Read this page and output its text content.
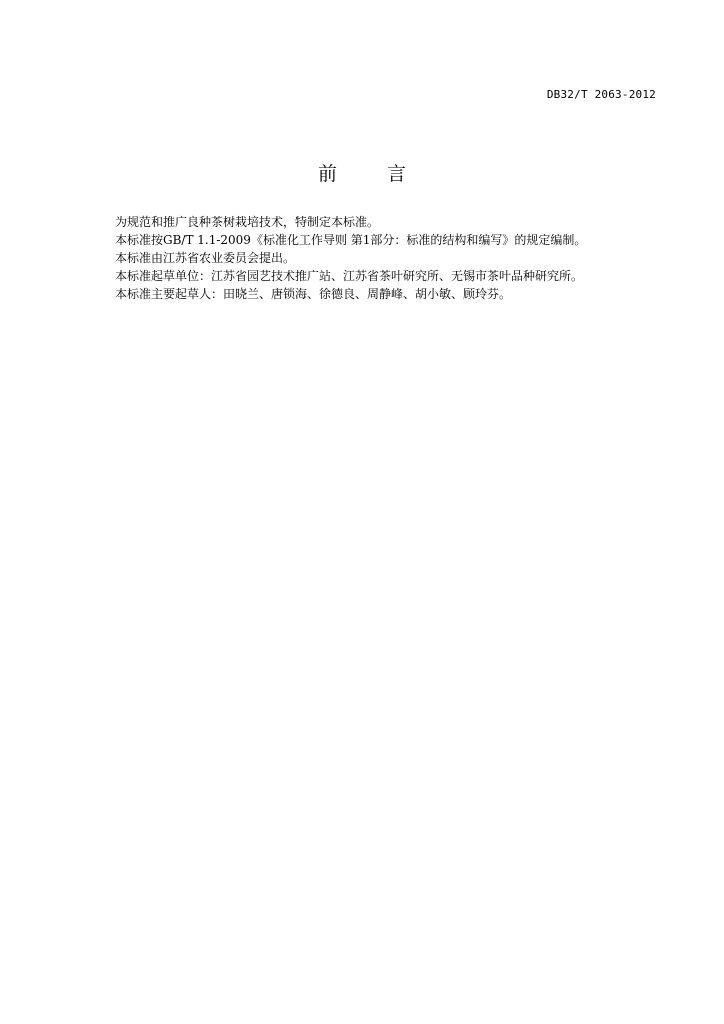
DB32/T 2063-2012
前 言

为规范和推广良种茶树栽培技术，特制定本标准。

本标准按GB/T 1.1-2009《标准化工作导则 第1部分：标准的结构和编写》的规定编制。

本标准由江苏省农业委员会提出。

本标准起草单位：江苏省园艺技术推广站、江苏省茶叶研究所、无锡市茶叶品种研究所。

本标准主要起草人：田晓兰、唐锁海、徐德良、周静峰、胡小敏、顾玲芬。
